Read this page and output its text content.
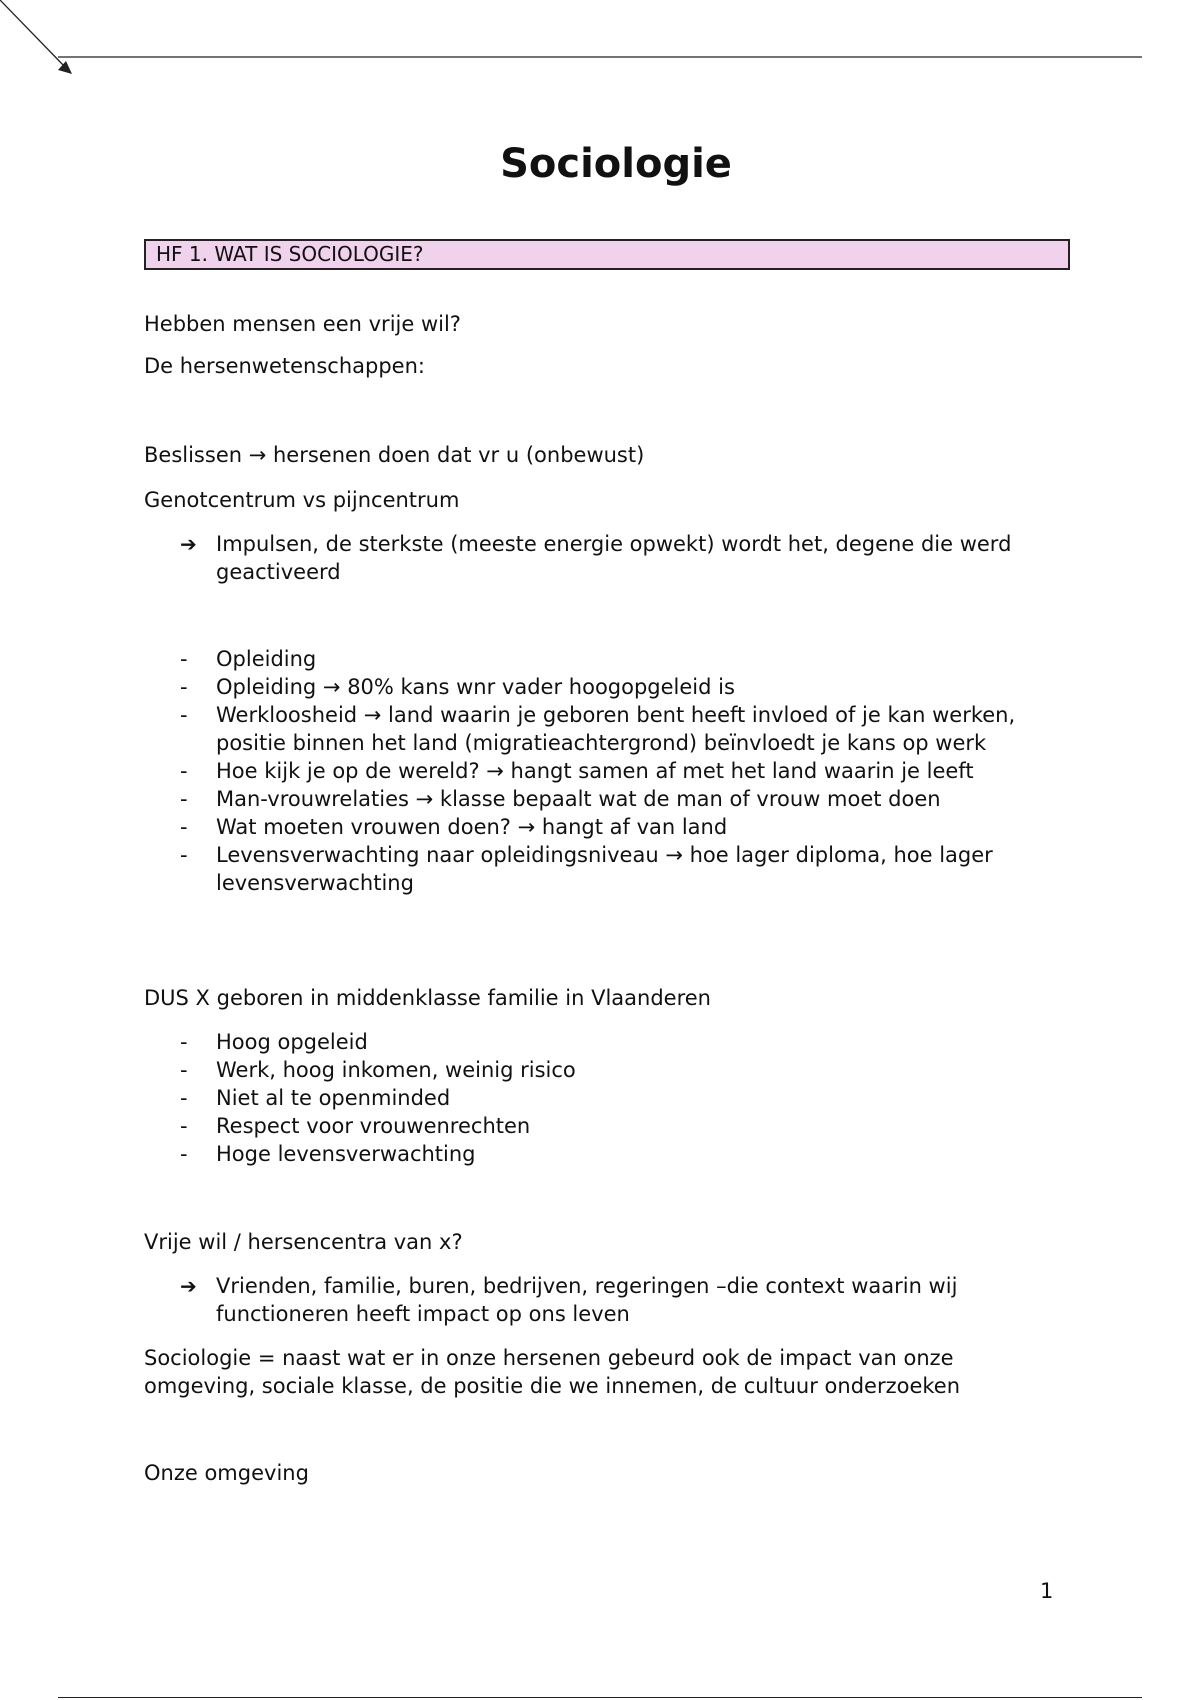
Sociologie
HF 1. WAT IS SOCIOLOGIE?

Hebben mensen een vrije wil?

De hersenwetenschappen:

Beslissen → hersenen doen dat vr u (onbewust)

Genotcentrum vs pijncentrum

➔ Impulsen, de sterkste (meeste energie opwekt) wordt het, degene die werd geactiveerd
- Opleiding
- Opleiding → 80% kans wnr vader hoogopgeleid is
- Werkloosheid → land waarin je geboren bent heeft invloed of je kan werken, positie binnen het land (migratieachtergrond) beïnvloedt je kans op werk
- Hoe kijk je op de wereld? → hangt samen af met het land waarin je leeft
- Man-vrouwrelaties → klasse bepaalt wat de man of vrouw moet doen
- Wat moeten vrouwen doen? → hangt af van land
- Levensverwachting naar opleidingsniveau → hoe lager diploma, hoe lager levensverwachting

DUS X geboren in middenklasse familie in Vlaanderen

- Hoog opgeleid
- Werk, hoog inkomen, weinig risico
- Niet al te openminded
- Respect voor vrouwenrechten
- Hoge levensverwachting

Vrije wil / hersencentra van x?

➔ Vrienden, familie, buren, bedrijven, regeringen –die context waarin wij functioneren heeft impact op ons leven

Sociologie = naast wat er in onze hersenen gebeurd ook de impact van onze omgeving, sociale klasse, de positie die we innemen, de cultuur onderzoeken

Onze omgeving

1
